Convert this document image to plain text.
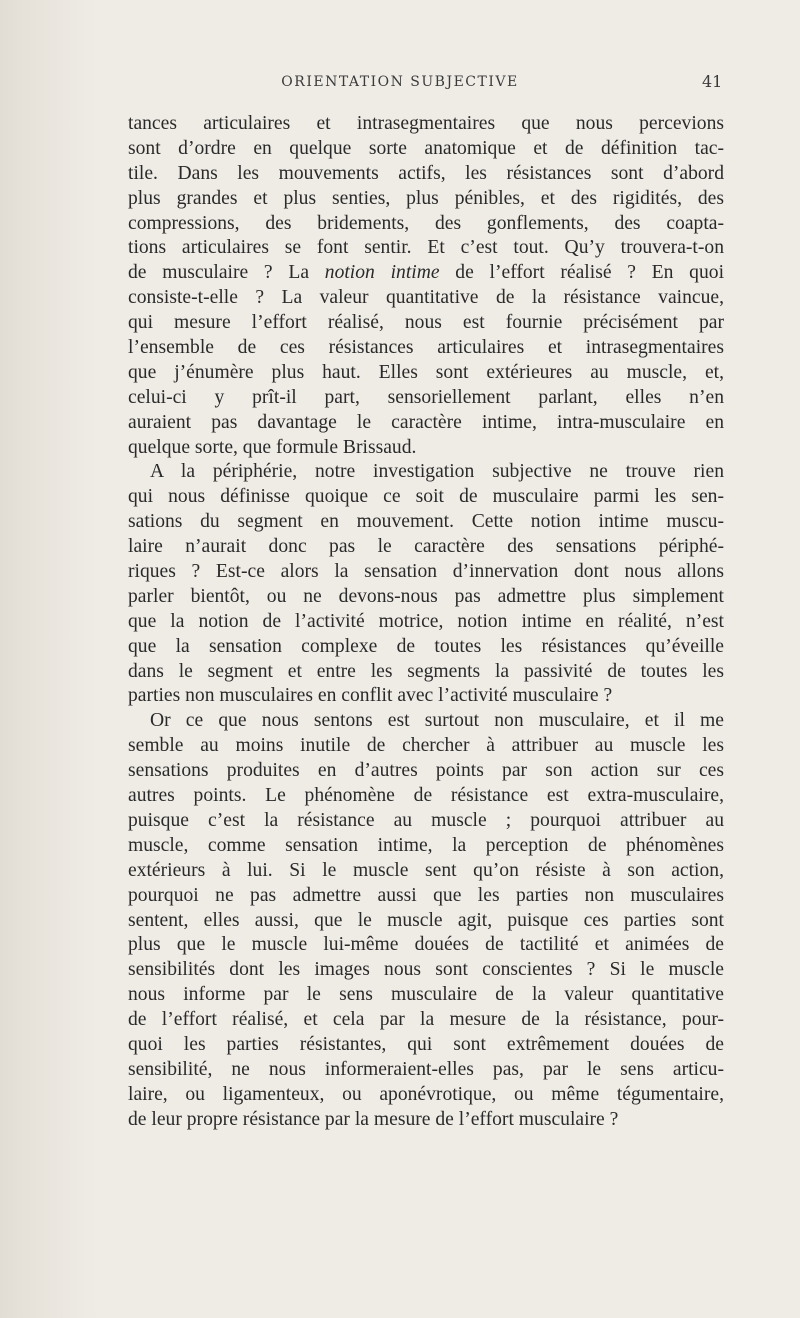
ORIENTATION SUBJECTIVE	41
tances articulaires et intrasegmentaires que nous percevions
sont d’ordre en quelque sorte anatomique et de définition tac-
tile. Dans les mouvements actifs, les résistances sont d’abord
plus grandes et plus senties, plus pénibles, et des rigidités, des
compressions, des bridements, des gonflements, des coapta-
tions articulaires se font sentir. Et c’est tout. Qu’y trouvera-t-on
de musculaire ? La notion intime de l’effort réalisé ? En quoi
consiste-t-elle ? La valeur quantitative de la résistance vaincue,
qui mesure l’effort réalisé, nous est fournie précisément par
l’ensemble de ces résistances articulaires et intrasegmentaires
que j’énumère plus haut. Elles sont extérieures au muscle, et,
celui-ci y prît-il part, sensoriellement parlant, elles n’en
auraient pas davantage le caractère intime, intra-musculaire en
quelque sorte, que formule Brissaud.
A la périphérie, notre investigation subjective ne trouve rien
qui nous définisse quoique ce soit de musculaire parmi les sen-
sations du segment en mouvement. Cette notion intime muscu-
laire n’aurait donc pas le caractère des sensations périphé-
riques ? Est-ce alors la sensation d’innervation dont nous allons
parler bientôt, ou ne devons-nous pas admettre plus simplement
que la notion de l’activité motrice, notion intime en réalité, n’est
que la sensation complexe de toutes les résistances qu’éveille
dans le segment et entre les segments la passivité de toutes les
parties non musculaires en conflit avec l’activité musculaire ?
Or ce que nous sentons est surtout non musculaire, et il me
semble au moins inutile de chercher à attribuer au muscle les
sensations produites en d’autres points par son action sur ces
autres points. Le phénomène de résistance est extra-musculaire,
puisque c’est la résistance au muscle ; pourquoi attribuer au
muscle, comme sensation intime, la perception de phénomènes
extérieurs à lui. Si le muscle sent qu’on résiste à son action,
pourquoi ne pas admettre aussi que les parties non musculaires
sentent, elles aussi, que le muscle agit, puisque ces parties sont
plus que le muscle lui-même douées de tactilité et animées de
sensibilités dont les images nous sont conscientes ? Si le muscle
nous informe par le sens musculaire de la valeur quantitative
de l’effort réalisé, et cela par la mesure de la résistance, pour-
quoi les parties résistantes, qui sont extrêmement douées de
sensibilité, ne nous informeraient-elles pas, par le sens articu-
laire, ou ligamenteux, ou aponévrotique, ou même tégumentaire,
de leur propre résistance par la mesure de l’effort musculaire ?
